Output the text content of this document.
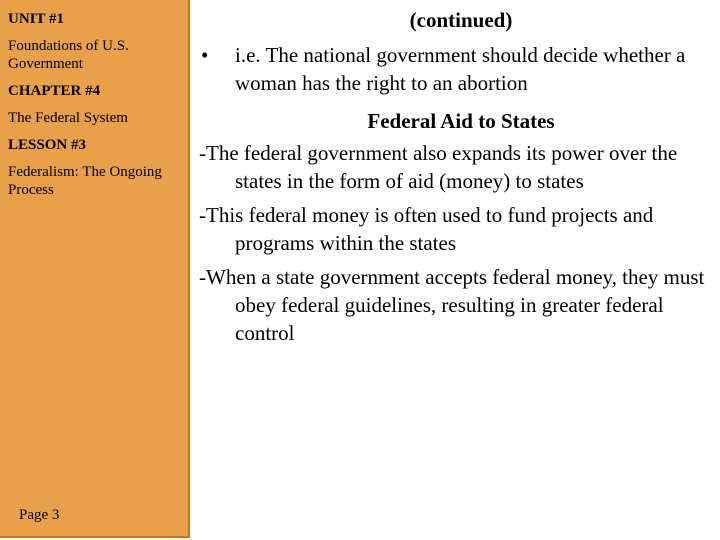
UNIT #1
Foundations of U.S. Government
CHAPTER #4
The Federal System
LESSON #3
Federalism: The Ongoing Process
Page 3
(continued)
• i.e. The national government should decide whether a woman has the right to an abortion
Federal Aid to States
-The federal government also expands its power over the states in the form of aid (money) to states
-This federal money is often used to fund projects and programs within the states
-When a state government accepts federal money, they must obey federal guidelines, resulting in greater federal control
